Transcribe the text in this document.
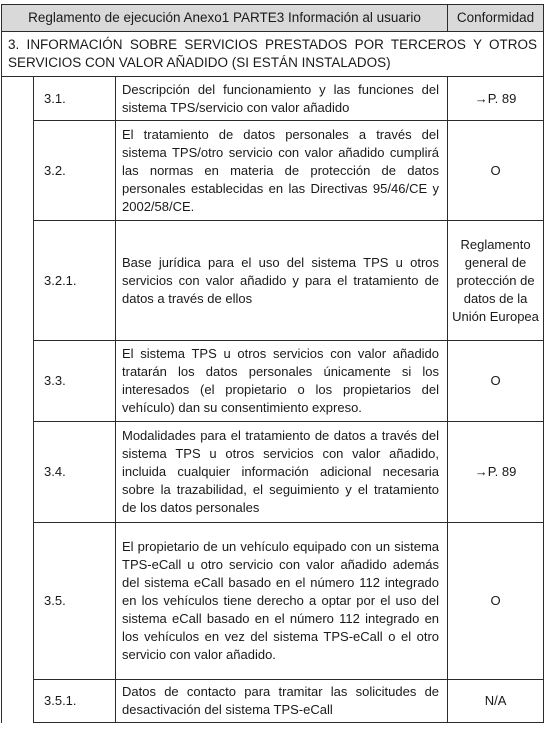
Reglamento de ejecución Anexo1 PARTE3 Información al usuario			Conformidad
3. INFORMACIÓN SOBRE SERVICIOS PRESTADOS POR TERCEROS Y OTROS SERVICIOS CON VALOR AÑADIDO (SI ESTÁN INSTALADOS)			
	3.1.	Descripción del funcionamiento y las funciones del sistema TPS/servicio con valor añadido	→P. 89
	3.2.	El tratamiento de datos personales a través del sistema TPS/otro servicio con valor añadido cumplirá las normas en materia de protección de datos personales establecidas en las Directivas 95/46/CE y 2002/58/CE.	O
	3.2.1.	Base jurídica para el uso del sistema TPS u otros servicios con valor añadido y para el tratamiento de datos a través de ellos	Reglamento general de protección de datos de la Unión Europea
	3.3.	El sistema TPS u otros servicios con valor añadido tratarán los datos personales únicamente si los interesados (el propietario o los propietarios del vehículo) dan su consentimiento expreso.	O
	3.4.	Modalidades para el tratamiento de datos a través del sistema TPS u otros servicios con valor añadido, incluida cualquier información adicional necesaria sobre la trazabilidad, el seguimiento y el tratamiento de los datos personales	→P. 89
	3.5.	El propietario de un vehículo equipado con un sistema TPS-eCall u otro servicio con valor añadido además del sistema eCall basado en el número 112 integrado en los vehículos tiene derecho a optar por el uso del sistema eCall basado en el número 112 integrado en los vehículos en vez del sistema TPS-eCall o el otro servicio con valor añadido.	O
	3.5.1.	Datos de contacto para tramitar las solicitudes de desactivación del sistema TPS-eCall	N/A
